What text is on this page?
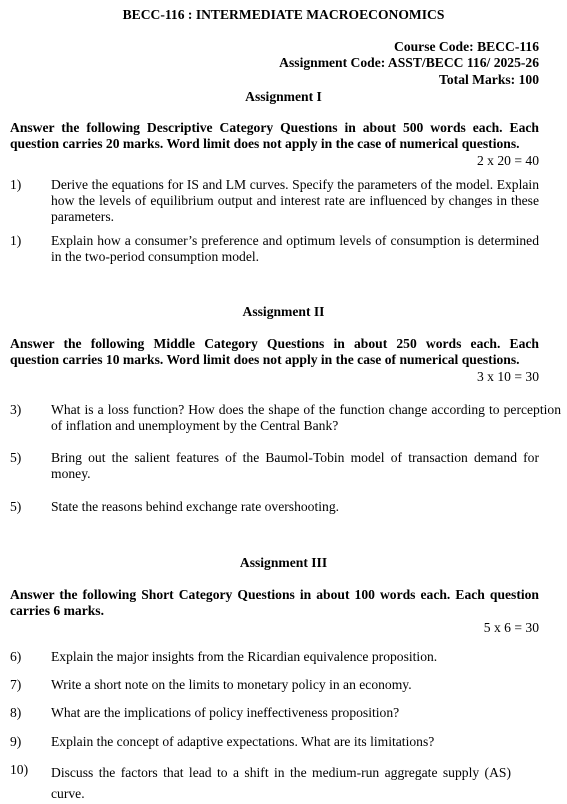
BECC-116 : INTERMEDIATE MACROECONOMICS
Course Code: BECC-116
Assignment Code: ASST/BECC 116/ 2025-26
Total Marks: 100
Assignment I
Answer the following Descriptive Category Questions in about 500 words each. Each
question carries 20 marks. Word limit does not apply in the case of numerical questions.
2 x 20 = 40
1) Derive the equations for IS and LM curves. Specify the parameters of the model. Explain how the levels of equilibrium output and interest rate are influenced by changes in these parameters.
1) Explain how a consumer’s preference and optimum levels of consumption is determined in the two-period consumption model.
Assignment II
Answer the following Middle Category Questions in about 250 words each. Each
question carries 10 marks. Word limit does not apply in the case of numerical questions.
3 x 10 = 30
3) What is a loss function? How does the shape of the function change according to perception of inflation and unemployment by the Central Bank?
5) Bring out the salient features of the Baumol-Tobin model of transaction demand for money.
5) State the reasons behind exchange rate overshooting.
Assignment III
Answer the following Short Category Questions in about 100 words each. Each question
carries 6 marks.
5 x 6 = 30
6) Explain the major insights from the Ricardian equivalence proposition.
7) Write a short note on the limits to monetary policy in an economy.
8) What are the implications of policy ineffectiveness proposition?
9) Explain the concept of adaptive expectations. What are its limitations?
10) Discuss the factors that lead to a shift in the medium-run aggregate supply (AS) curve.
